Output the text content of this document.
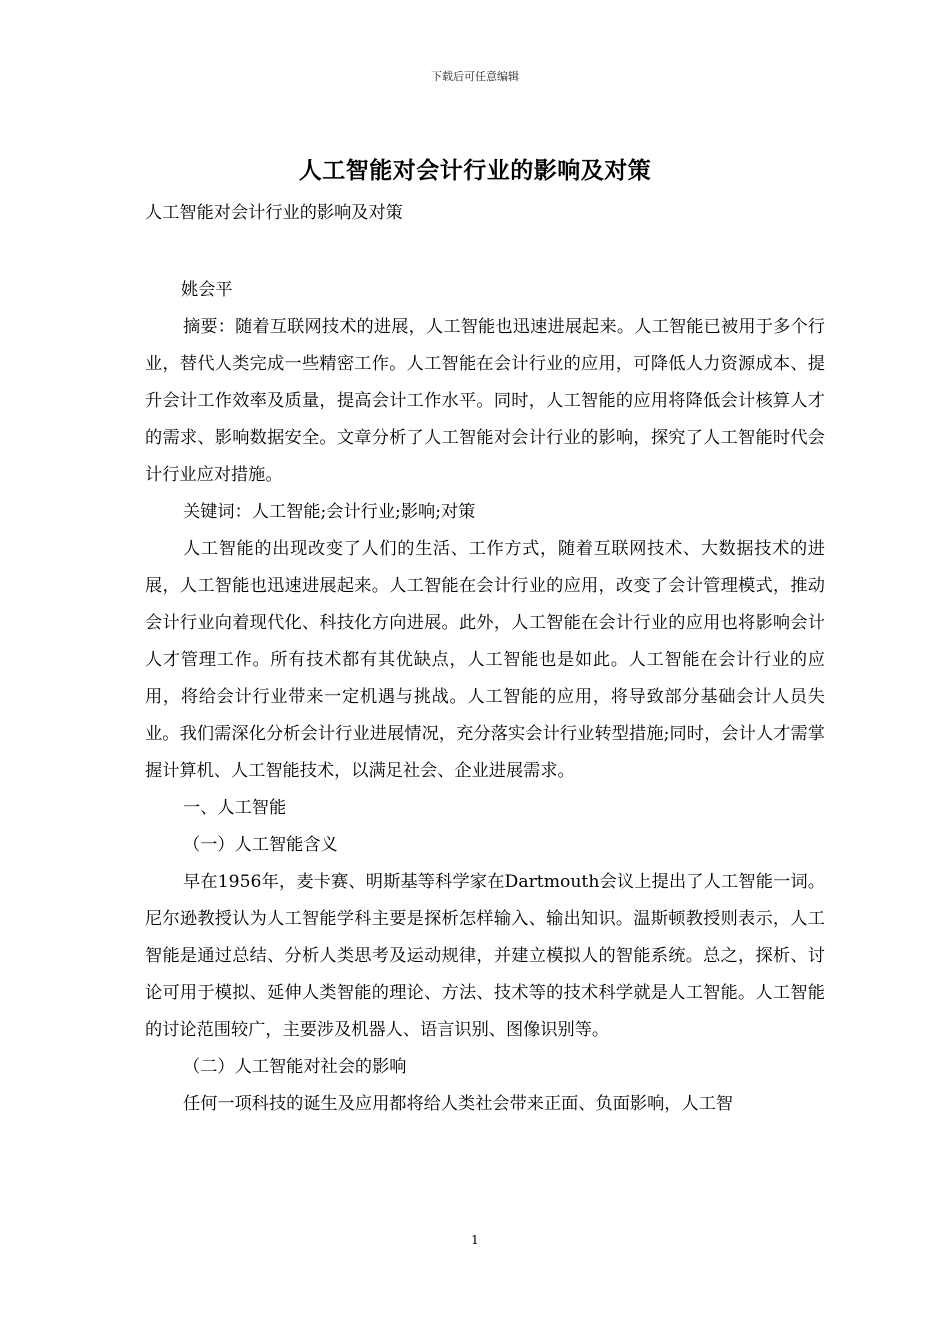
下载后可任意编辑
人工智能对会计行业的影响及对策
人工智能对会计行业的影响及对策
姚会平

摘要：随着互联网技术的进展，人工智能也迅速进展起来。人工智能已被用于多个行业，替代人类完成一些精密工作。人工智能在会计行业的应用，可降低人力资源成本、提升会计工作效率及质量，提高会计工作水平。同时，人工智能的应用将降低会计核算人才的需求、影响数据安全。文章分析了人工智能对会计行业的影响，探究了人工智能时代会计行业应对措施。

关键词：人工智能;会计行业;影响;对策

人工智能的出现改变了人们的生活、工作方式，随着互联网技术、大数据技术的进展，人工智能也迅速进展起来。人工智能在会计行业的应用，改变了会计管理模式，推动会计行业向着现代化、科技化方向进展。此外，人工智能在会计行业的应用也将影响会计人才管理工作。所有技术都有其优缺点，人工智能也是如此。人工智能在会计行业的应用，将给会计行业带来一定机遇与挑战。人工智能的应用，将导致部分基础会计人员失业。我们需深化分析会计行业进展情况，充分落实会计行业转型措施;同时，会计人才需掌握计算机、人工智能技术，以满足社会、企业进展需求。

一、人工智能

（一）人工智能含义

早在1956年，麦卡赛、明斯基等科学家在Dartmouth会议上提出了人工智能一词。尼尔逊教授认为人工智能学科主要是探析怎样输入、输出知识。温斯顿教授则表示，人工智能是通过总结、分析人类思考及运动规律，并建立模拟人的智能系统。总之，探析、讨论可用于模拟、延伸人类智能的理论、方法、技术等的技术科学就是人工智能。人工智能的讨论范围较广，主要涉及机器人、语言识别、图像识别等。

（二）人工智能对社会的影响

任何一项科技的诞生及应用都将给人类社会带来正面、负面影响，人工智

1
